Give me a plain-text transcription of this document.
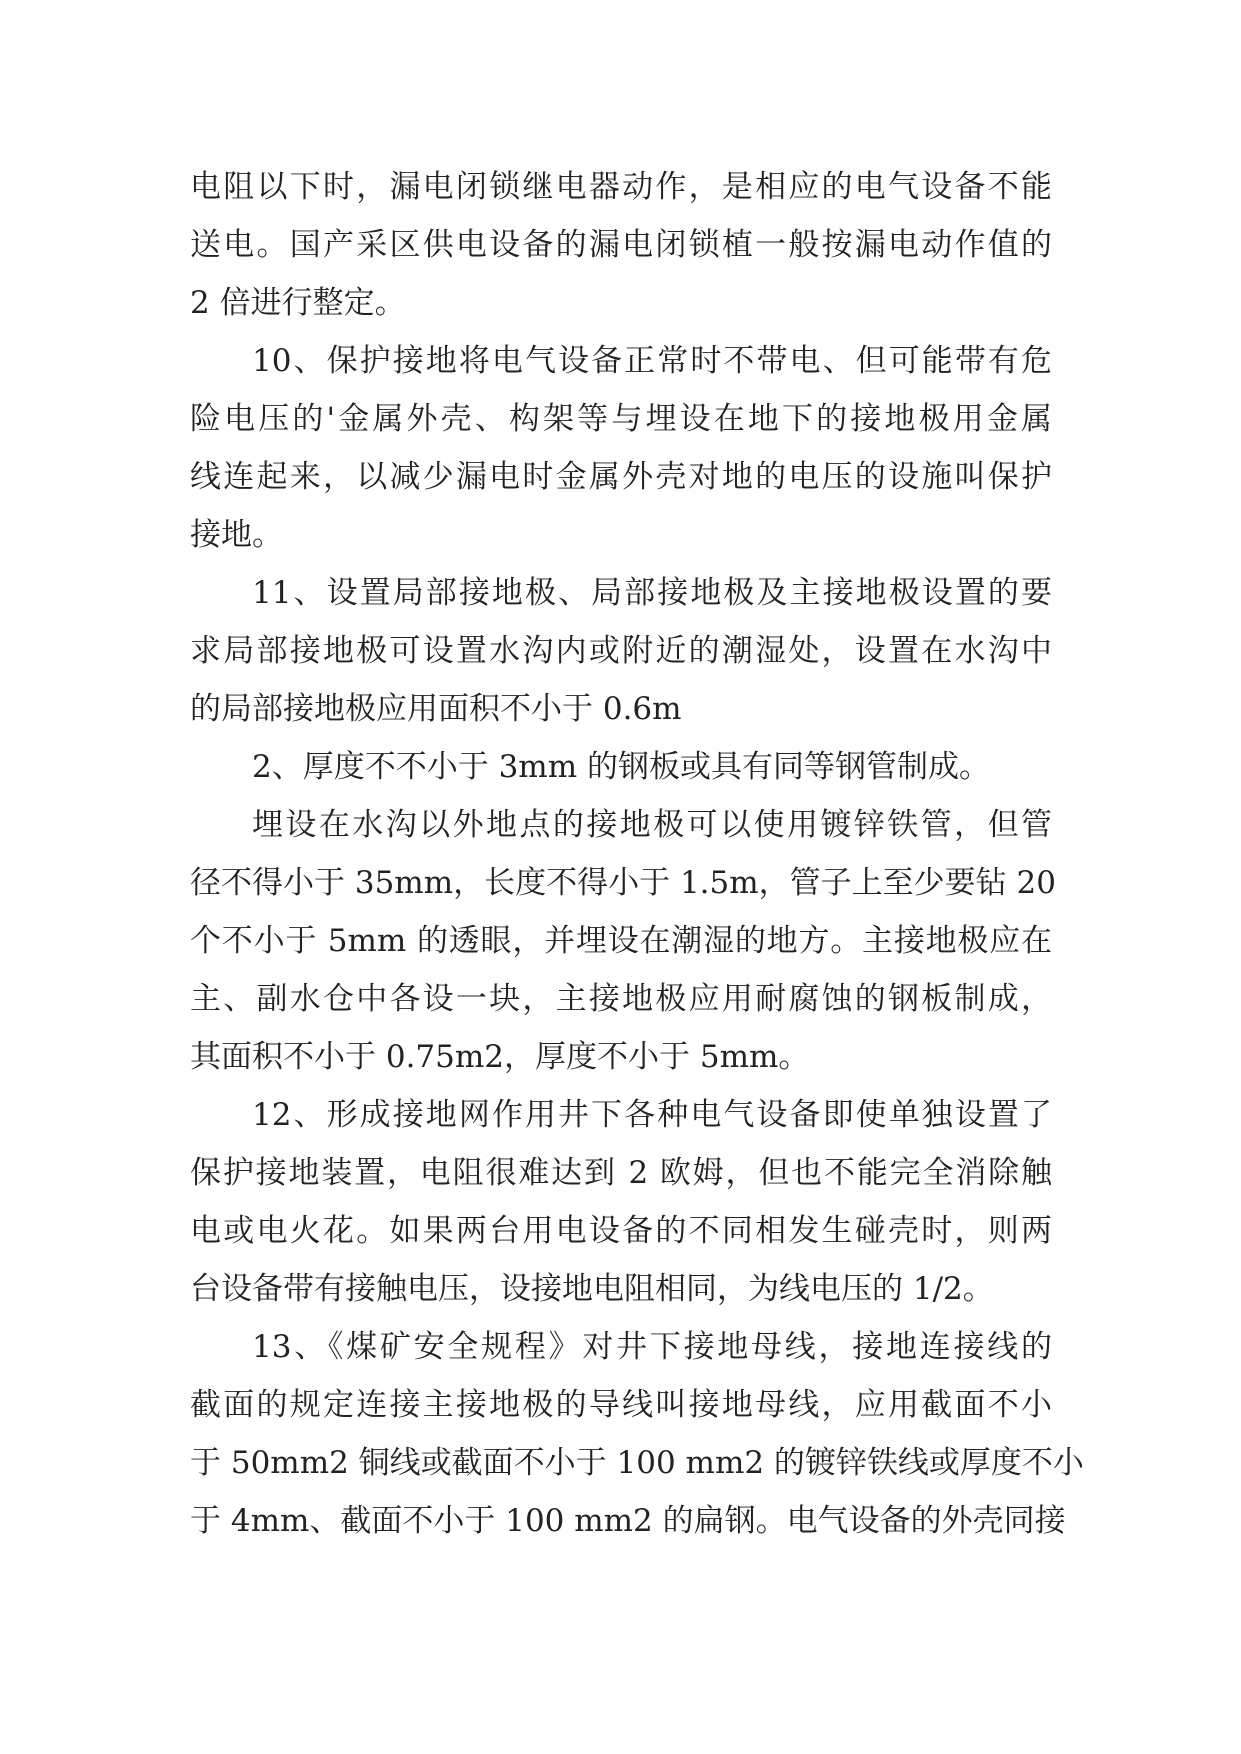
电阻以下时，漏电闭锁继电器动作，是相应的电气设备不能
送电。国产采区供电设备的漏电闭锁植一般按漏电动作值的
2 倍进行整定。
10、保护接地将电气设备正常时不带电、但可能带有危
险电压的'金属外壳、构架等与埋设在地下的接地极用金属
线连起来，以减少漏电时金属外壳对地的电压的设施叫保护
接地。
11、设置局部接地极、局部接地极及主接地极设置的要
求局部接地极可设置水沟内或附近的潮湿处，设置在水沟中
的局部接地极应用面积不小于 0.6m
2、厚度不不小于 3mm 的钢板或具有同等钢管制成。
埋设在水沟以外地点的接地极可以使用镀锌铁管，但管
径不得小于 35mm，长度不得小于 1.5m，管子上至少要钻 20
个不小于 5mm 的透眼，并埋设在潮湿的地方。主接地极应在
主、副水仓中各设一块，主接地极应用耐腐蚀的钢板制成，
其面积不小于 0.75m2，厚度不小于 5mm。
12、形成接地网作用井下各种电气设备即使单独设置了
保护接地装置，电阻很难达到 2 欧姆，但也不能完全消除触
电或电火花。如果两台用电设备的不同相发生碰壳时，则两
台设备带有接触电压，设接地电阻相同，为线电压的 1/2。
13、《煤矿安全规程》对井下接地母线，接地连接线的
截面的规定连接主接地极的导线叫接地母线，应用截面不小
于 50mm2 铜线或截面不小于 100 mm2 的镀锌铁线或厚度不小
于 4mm、截面不小于 100 mm2 的扁钢。电气设备的外壳同接
